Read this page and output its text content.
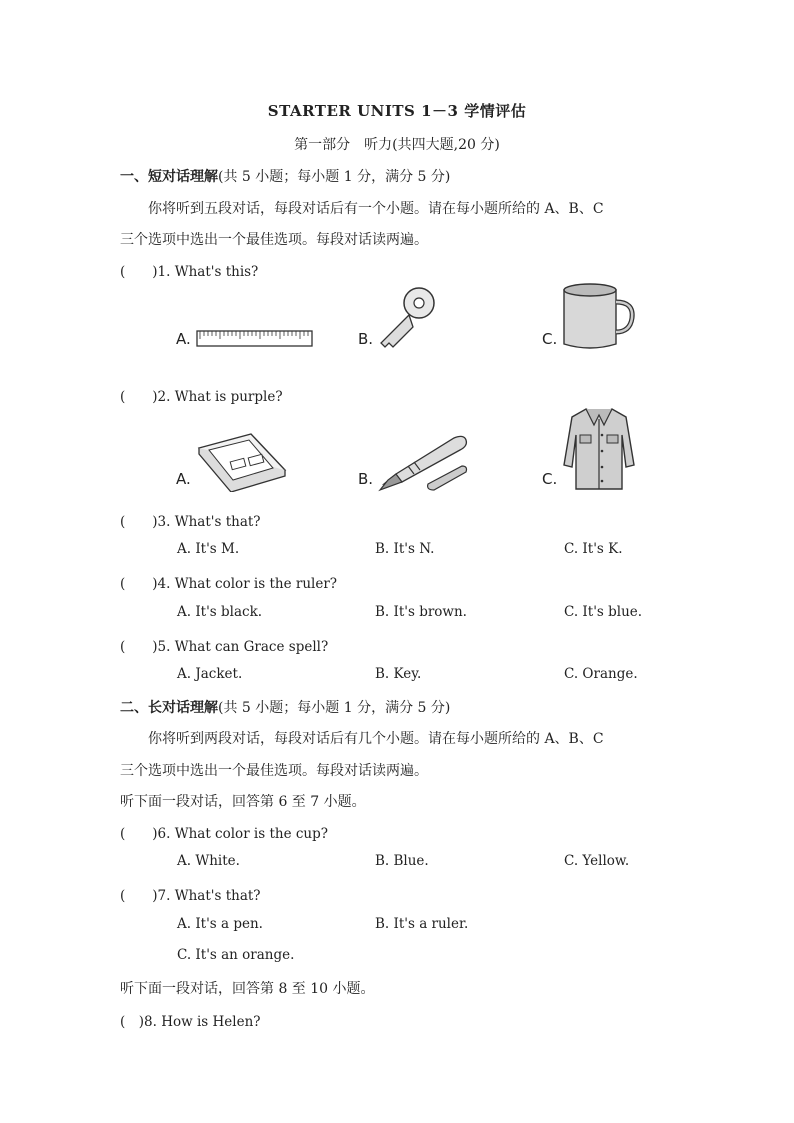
STARTER UNITS 1－3 学情评估
第一部分　听力(共四大题,20 分)
一、短对话理解(共 5 小题；每小题 1 分，满分 5 分)
你将听到五段对话，每段对话后有一个小题。请在每小题所给的 A、B、C
三个选项中选出一个最佳选项。每段对话读两遍。
(　　)1. What's this?
A.	B.	C.
(　　)2. What is purple?
A.	B.	C.
(　　)3. What's that?
A. It's M.	B. It's N.	C. It's K.
(　　)4. What color is the ruler?
A. It's black.	B. It's brown.	C. It's blue.
(　　)5. What can Grace spell?
A. Jacket.	B. Key.	C. Orange.
二、长对话理解(共 5 小题；每小题 1 分，满分 5 分)
你将听到两段对话，每段对话后有几个小题。请在每小题所给的 A、B、C
三个选项中选出一个最佳选项。每段对话读两遍。
听下面一段对话，回答第 6 至 7 小题。
(　　)6. What color is the cup?
A. White.	B. Blue.	C. Yellow.
(　　)7. What's that?
A. It's a pen.	B. It's a ruler.
C. It's an orange.
听下面一段对话，回答第 8 至 10 小题。
(　)8. How is Helen?
